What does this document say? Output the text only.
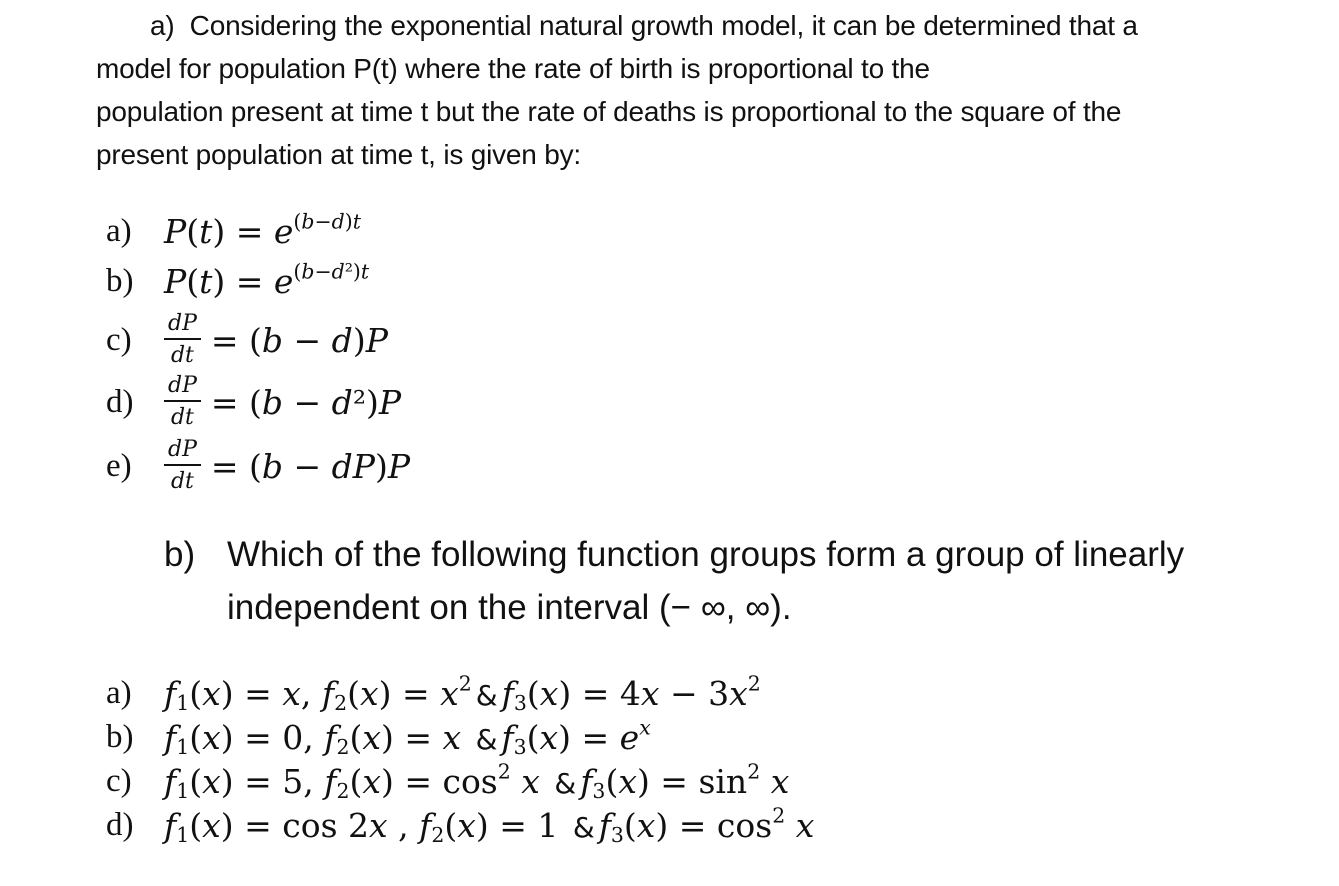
a) Considering the exponential natural growth model, it can be determined that a
model for population P(t) where the rate of birth is proportional to the
population present at time t but the rate of deaths is proportional to the square of the
present population at time t, is given by:
a) $P(t) = e^{(b-d)t}$
b) $P(t) = e^{(b-d^2)t}$
c)	$\frac{dP}{dt} = (b - d)P$
d)	$\frac{dP}{dt} = (b - d^2)P$
e)	$\frac{dP}{dt} = (b - dP)P$
b) Which of the following function groups form a group of linearly
independent on the interval (− ∞, ∞).
a) $f_1(x) = x$, $f_2(x) = x^2$ & $f_3(x) = 4x - 3x^2$
b) $f_1(x) = 0$, $f_2(x) = x$ & $f_3(x) = e^x$
c) $f_1(x) = 5$, $f_2(x) = \cos^2 x$ & $f_3(x) = \sin^2 x$
d) $f_1(x) = \cos 2x$ , $f_2(x) = 1$ & $f_3(x) = \cos^2 x$
